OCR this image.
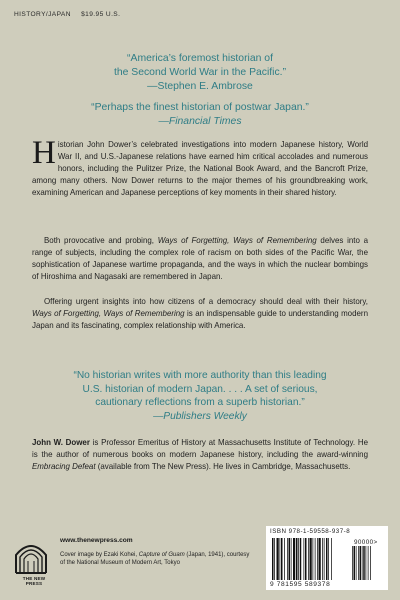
HISTORY/JAPAN $19.95 U.S.
“America’s foremost historian of
the Second World War in the Pacific.”
—Stephen E. Ambrose
“Perhaps the finest historian of postwar Japan.”
—Financial Times

Historian John Dower’s celebrated investigations into modern Japanese history, World War II, and U.S.-Japanese relations have earned him critical accolades and numerous honors, including the Pulitzer Prize, the National Book Award, and the Bancroft Prize, among many others. Now Dower returns to the major themes of his groundbreaking work, examining American and Japanese perceptions of key moments in their shared history.

Both provocative and probing, Ways of Forgetting, Ways of Remembering delves into a range of subjects, including the complex role of racism on both sides of the Pacific War, the sophistication of Japanese wartime propaganda, and the ways in which the nuclear bombings of Hiroshima and Nagasaki are remembered in Japan.

Offering urgent insights into how citizens of a democracy should deal with their history, Ways of Forgetting, Ways of Remembering is an indispensable guide to understanding modern Japan and its fascinating, complex relationship with America.

“No historian writes with more authority than this leading
U.S. historian of modern Japan. . . . A set of serious,
cautionary reflections from a superb historian.”
—Publishers Weekly
John W. Dower is Professor Emeritus of History at Massachusetts Institute of Technology. He is the author of numerous books on modern Japanese history, including the award-winning Embracing Defeat (available from The New Press). He lives in Cambridge, Massachusetts.
THE NEW PRESS
www.thenewpress.com
Cover image by Ezaki Kohei, Capture of Guam (Japan, 1941), courtesy of the National Museum of Modern Art, Tokyo
ISBN 978-1-59558-937-8
90000>
9 781595 589378
